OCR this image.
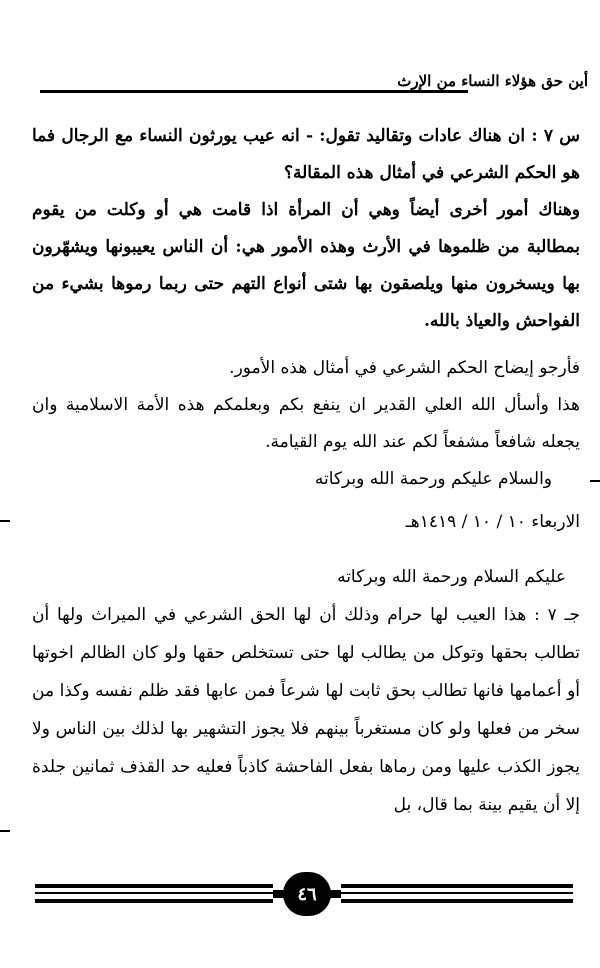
أين حق هؤلاء النساء من الإرث

س ٧ : ان هناك عادات وتقاليد تقول: - انه عيب يورثون النساء مع الرجال فما هو الحكم الشرعي في أمثال هذه المقالة؟

وهناك أمور أخرى أيضاً وهي أن المرأة اذا قامت هي أو وكلت من يقوم بمطالبة من ظلموها في الأرث وهذه الأمور هي: أن الناس يعيبونها ويشهّرون بها ويسخرون منها ويلصقون بها شتى أنواع التهم حتى ربما رموها بشيء من الفواحش والعياذ بالله.

فأرجو إيضاح الحكم الشرعي في أمثال هذه الأمور.

هذا وأسأل الله العلي القدير ان ينفع بكم وبعلمكم هذه الأمة الاسلامية وان يجعله شافعاً مشفعاً لكم عند الله يوم القيامة.

والسلام عليكم ورحمة الله وبركاته

الاربعاء ١٠ / ١٠ / ١٤١٩هـ

عليكم السلام ورحمة الله وبركاته

جـ ٧ : هذا العيب لها حرام وذلك أن لها الحق الشرعي في الميراث ولها أن تطالب بحقها وتوكل من يطالب لها حتى تستخلص حقها ولو كان الظالم اخوتها أو أعمامها فانها تطالب بحق ثابت لها شرعاً فمن عابها فقد ظلم نفسه وكذا من سخر من فعلها ولو كان مستغرباً بينهم فلا يجوز التشهير بها لذلك بين الناس ولا يجوز الكذب عليها ومن رماها بفعل الفاحشة كاذباً فعليه حد القذف ثمانين جلدة إلا أن يقيم بينة بما قال، بل

٤٦
